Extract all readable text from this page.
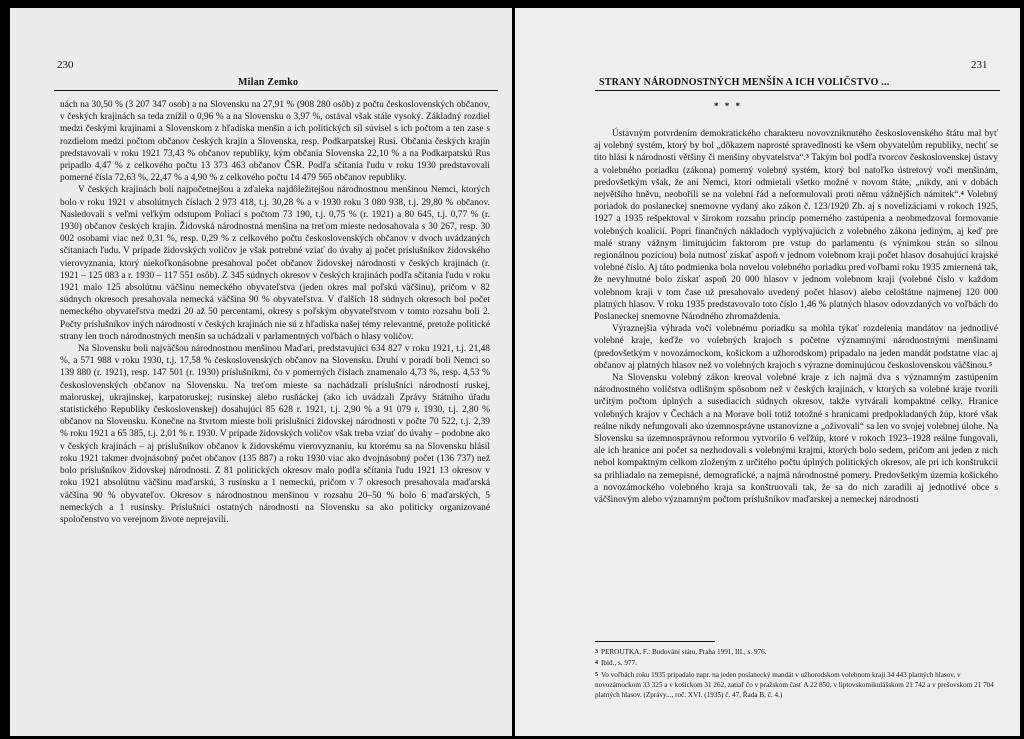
230
Milan Zemko

nách na 30,50 % (3 207 347 osob) a na Slovensku na 27,91 % (908 280 osôb) z počtu československých občanov, v českých krajinách sa teda znížil o 0,96 % a na Slovensku o 3,97 %, ostával však stále vysoký. Základný rozdiel medzi českými krajinami a Slovenskom z hľadiska menšín a ich politických síl súvisel s ich počtom a ten zase s rozdielom medzi počtom občanov českých krajín a Slovenska, resp. Podkarpatskej Rusi. Občania českých krajín predstavovali v roku 1921 73,43 % občanov republiky, kým občania Slovenska 22,10 % a na Podkarpatskú Rus pripadlo 4,47 % z celkového počtu 13 373 463 občanov ČSR. Podľa sčítania ľudu v roku 1930 predstavovali pomerné čísla 72,63 %, 22,47 % a 4,90 % z celkového počtu 14 479 565 občanov republiky.

V českých krajinách boli najpočetnejšou a zďaleka najdôležitejšou národnostnou menšinou Nemci, ktorých bolo v roku 1921 v absolútnych číslach 2 973 418, t.j. 30,28 % a v 1930 roku 3 080 938, t.j. 29,80 % občanov. Nasledovali s veľmi veľkým odstupom Poliaci s počtom 73 190, t.j. 0,75 % (r. 1921) a 80 645, t.j. 0,77 % (r. 1930) občanov českých krajín. Židovská národnostná menšina na treťom mieste nedosahovala s 30 267, resp. 30 002 osobami viac než 0,31 %, resp. 0,29 % z celkového počtu československých občanov v dvoch uvádzaných sčítaniach ľudu. V prípade židovských voličov je však potrebné vziať do úvahy aj počet príslušníkov židovského vierovyznania, ktorý niekoľkonásobne presahoval počet občanov židovskej národnosti v českých krajinách (r. 1921 – 125 083 a r. 1930 – 117 551 osôb). Z 345 súdnych okresov v českých krajinách podľa sčítania ľudu v roku 1921 malo 125 absolútnu väčšinu nemeckého obyvateľstva (jeden okres mal poľskú väčšinu), pričom v 82 súdnych okresoch presahovala nemecká väčšina 90 % obyvateľstva. V ďalších 18 súdnych okresoch bol počet nemeckého obyvateľstva medzi 20 až 50 percentami, okresy s poľským obyvateľstvom v tomto rozsahu boli 2. Počty príslušníkov iných národností v českých krajinách nie sú z hľadiska našej témy relevantné, pretože politické strany len troch národnostných menšín sa uchádzali v parlamentných voľbách o hlasy voličov.

Na Slovensku boli najväčšou národnostnou menšinou Maďari, predstavujúci 634 827 v roku 1921, t.j. 21,48 %, a 571 988 v roku 1930, t.j. 17,58 % československých občanov na Slovensku. Druhí v poradí boli Nemci so 139 880 (r. 1921), resp. 147 501 (r. 1930) príslušníkmi, čo v pomerných číslach znamenalo 4,73 %, resp. 4,53 % československých občanov na Slovensku. Na treťom mieste sa nachádzali príslušníci národností ruskej, maloruskej, ukrajinskej, karpatoruskej; rusínskej alebo rusňáckej (ako ich uvádzali Zprávy Státního úřadu statistického Republiky československej) dosahujúci 85 628 r. 1921, t.j. 2,90 % a 91 079 r. 1930, t.j. 2,80 % občanov na Slovensku. Konečne na štvrtom mieste boli príslušníci židovskej národnosti v počte 70 522, t.j. 2,39 % roku 1921 a 65 385, t.j. 2,01 % r. 1930. V prípade židovských voličov však treba vziať do úvahy – podobne ako v českých krajinách – aj príslušníkov občanov k židovskému vierovyznaniu, ku ktorému sa na Slovensku hlásil roku 1921 takmer dvojnásobný počet občanov (135 887) a roku 1930 viac ako dvojnásobný počet (136 737) než bolo príslušníkov židovskej národnosti. Z 81 politických okresov malo podľa sčítania ľudu 1921 13 okresov v roku 1921 absolútnu väčšinu maďarskú, 3 rusínsku a 1 nemeckú, pričom v 7 okresoch presahovala maďarská väčšina 90 % obyvateľov. Okresov s národnostnou menšinou v rozsahu 20–50 % bolo 6 maďarských, 5 nemeckých a 1 rusínsky. Príslušníci ostatných národností na Slovensku sa ako politicky organizované spoločenstvo vo verejnom živote neprejavili.

231
STRANY NÁRODNOSTNÝCH MENŠÍN A ICH VOLIČSTVO ...
* * *

Ústavným potvrdením demokratického charakteru novovzniknutého československého štátu mal byť aj volebný systém, ktorý by bol „dôkazem naprosté spravedlnosti ke všem obyvatelům republiky, nechť se tito hlásí k národnosti většiny či menšiny obyvatelstva“.$^3$ Takým bol podľa tvorcov československej ústavy a volebného poriadku (zákona) pomerný volebný systém, ktorý bol natoľko ústretový voči menšinám, predovšetkým však, že ani Nemci, ktorí odmietali všetko možné v novom štáte, „nikdy, ani v dobách největšího hněvu, neoboříli se na volební řád a neformulovali proti němu vážnějších námitek“.$^4$ Volebný poriadok do poslaneckej snemovne vydaný ako zákon č. 123/1920 Zb. aj s novelizáciami v rokoch 1925, 1927 a 1935 rešpektoval v širokom rozsahu princíp pomerného zastúpenia a neobmedzoval formovanie volebných koalícií. Popri finančných nákladoch vyplývajúcich z volebného zákona jediným, aj keď pre malé strany vážnym limitujúcim faktorom pre vstup do parlamentu (s výnimkou strán so silnou regionálnou pozíciou) bola nutnosť získať aspoň v jednom volebnom kraji počet hlasov dosahujúci krajské volebné číslo. Aj táto podmienka bola novelou volebného poriadku pred voľbami roku 1935 zmiernená tak, že nevyhnutné bolo získať aspoň 20 000 hlasov v jednom volebnom kraji (volebné číslo v každom volebnom kraji v tom čase už presahovalo uvedený počet hlasov) alebo celoštátne najmenej 120 000 platných hlasov. V roku 1935 predstavovalo toto číslo 1,46 % platných hlasov odovzdaných vo voľbách do Poslaneckej snemovne Národného zhromaždenia.

Výraznejšia výhrada voči volebnému poriadku sa mohla týkať rozdelenia mandátov na jednotlivé volebné kraje, keďže vo volebných krajoch s početne významnými národnostnými menšinami (predovšetkým v novozámockom, košickom a užhorodskom) pripadalo na jeden mandát podstatne viac aj občanov aj platných hlasov než vo volebných krajoch s výrazne dominujúcou československou väčšinou.$^5$

Na Slovensku volebný zákon kreoval volebné kraje z ich najmä dva s významným zastúpením národnostného voličstva odlišným spôsobom než v českých krajinách, v ktorých sa volebné kraje tvorili určitým počtom úplných a susediacich súdnych okresov, takže vytvárali kompaktné celky. Hranice volebných krajov v Čechách a na Morave boli totiž totožné s hranicami predpokladaných žúp, ktoré však reálne nikdy nefungovali ako územnosprávne ustanovizne a „oživovali“ sa len vo svojej volebnej úlohe. Na Slovensku sa územnosprávnou reformou vytvorilo 6 veľžúp, ktoré v rokoch 1923–1928 reálne fungovali, ale ich hranice ani počet sa nezhodovali s volebnými krajmi, ktorých bolo sedem, pričom ani jeden z nich nebol kompaktným celkom zloženým z určitého počtu úplných politických okresov, ale pri ich konštrukcii sa prihliadalo na zemepisné, demografické, a najmä národnostné pomery. Predovšetkým územia košického a novozámockého volebného kraja sa konštruovali tak, že sa do nich zaradili aj jednotlivé obce s väčšinovým alebo významným počtom príslušníkov maďarskej a nemeckej národnosti

$^3$ PEROUTKA, F.: Budování státu, Praha 1991, III., s. 976.
$^4$ Ibid., s. 977.
$^5$ Vo voľbách roku 1935 pripadalo napr. na jeden poslanecký mandát v užhorodskom volebnom kraji 34 443 platných hlasov, v novozámockom 33 325 a v košickom 31 262, zatiaľ čo v pražskom časť A 22 850, v liptovskomikulášskom 21 742 a v prešovskom 21 704 platných hlasov. (Zprávy..., roč. XVI. (1935) č. 47, Řada B, č. 4.)
